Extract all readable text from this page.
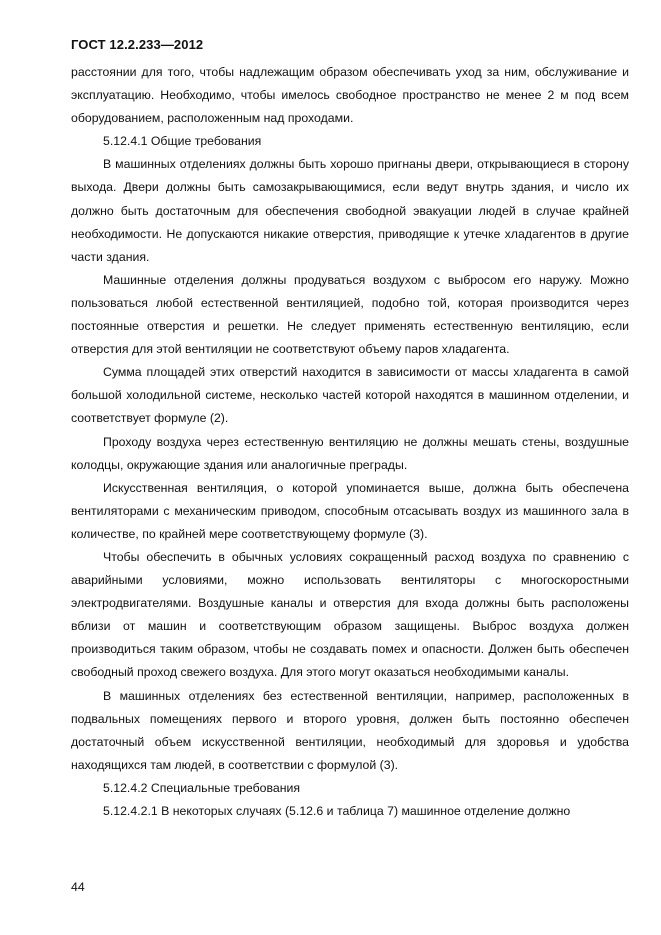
ГОСТ 12.2.233—2012

расстоянии для того, чтобы надлежащим образом обеспечивать уход за ним, обслуживание и эксплуатацию. Необходимо, чтобы имелось свободное пространство не менее 2 м под всем оборудованием, расположенным над проходами.

5.12.4.1 Общие требования

В машинных отделениях должны быть хорошо пригнаны двери, открывающиеся в сторону выхода. Двери должны быть самозакрывающимися, если ведут внутрь здания, и число их должно быть достаточным для обеспечения свободной эвакуации людей в случае крайней необходимости. Не допускаются никакие отверстия, приводящие к утечке хладагентов в другие части здания.

Машинные отделения должны продуваться воздухом с выбросом его наружу. Можно пользоваться любой естественной вентиляцией, подобно той, которая производится через постоянные отверстия и решетки. Не следует применять естественную вентиляцию, если отверстия для этой вентиляции не соответствуют объему паров хладагента.

Сумма площадей этих отверстий находится в зависимости от массы хладагента в самой большой холодильной системе, несколько частей которой находятся в машинном отделении, и соответствует формуле (2).

Проходу воздуха через естественную вентиляцию не должны мешать стены, воздушные колодцы, окружающие здания или аналогичные преграды.

Искусственная вентиляция, о которой упоминается выше, должна быть обеспечена вентиляторами с механическим приводом, способным отсасывать воздух из машинного зала в количестве, по крайней мере соответствующему формуле (3).

Чтобы обеспечить в обычных условиях сокращенный расход воздуха по сравнению с аварийными условиями, можно использовать вентиляторы с многоскоростными электродвигателями. Воздушные каналы и отверстия для входа должны быть расположены вблизи от машин и соответствующим образом защищены. Выброс воздуха должен производиться таким образом, чтобы не создавать помех и опасности. Должен быть обеспечен свободный проход свежего воздуха. Для этого могут оказаться необходимыми каналы.

В машинных отделениях без естественной вентиляции, например, расположенных в подвальных помещениях первого и второго уровня, должен быть постоянно обеспечен достаточный объем искусственной вентиляции, необходимый для здоровья и удобства находящихся там людей, в соответствии с формулой (3).

5.12.4.2 Специальные требования

5.12.4.2.1 В некоторых случаях (5.12.6 и таблица 7) машинное отделение должно

44
